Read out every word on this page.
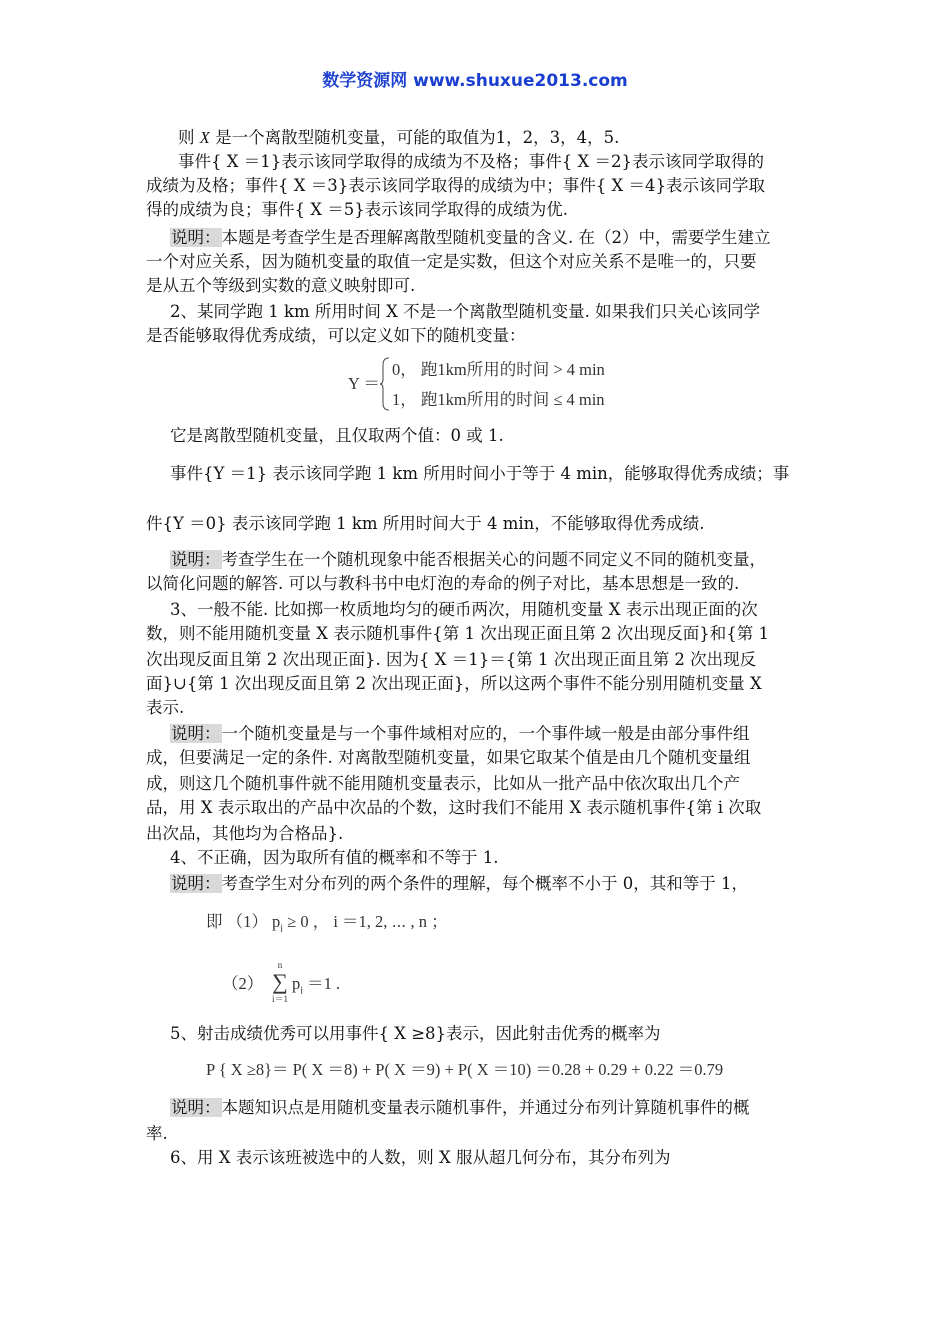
数学资源网 www.shuxue2013.com
则 X 是一个离散型随机变量，可能的取值为1，2，3，4，5.
事件{ X ＝1}表示该同学取得的成绩为不及格；事件{ X ＝2}表示该同学取得的
成绩为及格；事件{ X ＝3}表示该同学取得的成绩为中；事件{ X ＝4}表示该同学取
得的成绩为良；事件{ X ＝5}表示该同学取得的成绩为优.
说明：本题是考查学生是否理解离散型随机变量的含义. 在（2）中，需要学生建立
一个对应关系，因为随机变量的取值一定是实数，但这个对应关系不是唯一的，只要
是从五个等级到实数的意义映射即可.
2、某同学跑 1 km 所用时间 X 不是一个离散型随机变量. 如果我们只关心该同学
是否能够取得优秀成绩，可以定义如下的随机变量：
Y ＝
0， 跑1km所用的时间 > 4 min
1， 跑1km所用的时间 ≤ 4 min
它是离散型随机变量，且仅取两个值：0 或 1.
事件{Y ＝1} 表示该同学跑 1 km 所用时间小于等于 4 min，能够取得优秀成绩；事
件{Y ＝0} 表示该同学跑 1 km 所用时间大于 4 min，不能够取得优秀成绩.
说明：考查学生在一个随机现象中能否根据关心的问题不同定义不同的随机变量，
以简化问题的解答. 可以与教科书中电灯泡的寿命的例子对比，基本思想是一致的.
3、一般不能. 比如掷一枚质地均匀的硬币两次，用随机变量 X 表示出现正面的次
数，则不能用随机变量 X 表示随机事件{第 1 次出现正面且第 2 次出现反面}和{第 1
次出现反面且第 2 次出现正面}. 因为{ X ＝1}＝{第 1 次出现正面且第 2 次出现反
面}∪{第 1 次出现反面且第 2 次出现正面}，所以这两个事件不能分别用随机变量 X
表示.
说明：一个随机变量是与一个事件域相对应的，一个事件域一般是由部分事件组
成，但要满足一定的条件. 对离散型随机变量，如果它取某个值是由几个随机变量组
成，则这几个随机事件就不能用随机变量表示，比如从一批产品中依次取出几个产
品，用 X 表示取出的产品中次品的个数，这时我们不能用 X 表示随机事件{第 i 次取
出次品，其他均为合格品}.
4、不正确，因为取所有值的概率和不等于 1.
说明：考查学生对分布列的两个条件的理解，每个概率不小于 0，其和等于 1，
即 （1） $p_i \ge 0$ ， i ＝1, 2, ⋯ , n ；
（2）
n
∑
i＝1
$p_i =1$ .
5、射击成绩优秀可以用事件{ X ≥8}表示，因此射击优秀的概率为
P { X ≥8}＝ P( X ＝8) + P( X ＝9) + P( X ＝10) ＝0.28 + 0.29 + 0.22 ＝0.79
说明：本题知识点是用随机变量表示随机事件，并通过分布列计算随机事件的概
率.
6、用 X 表示该班被选中的人数，则 X 服从超几何分布，其分布列为
